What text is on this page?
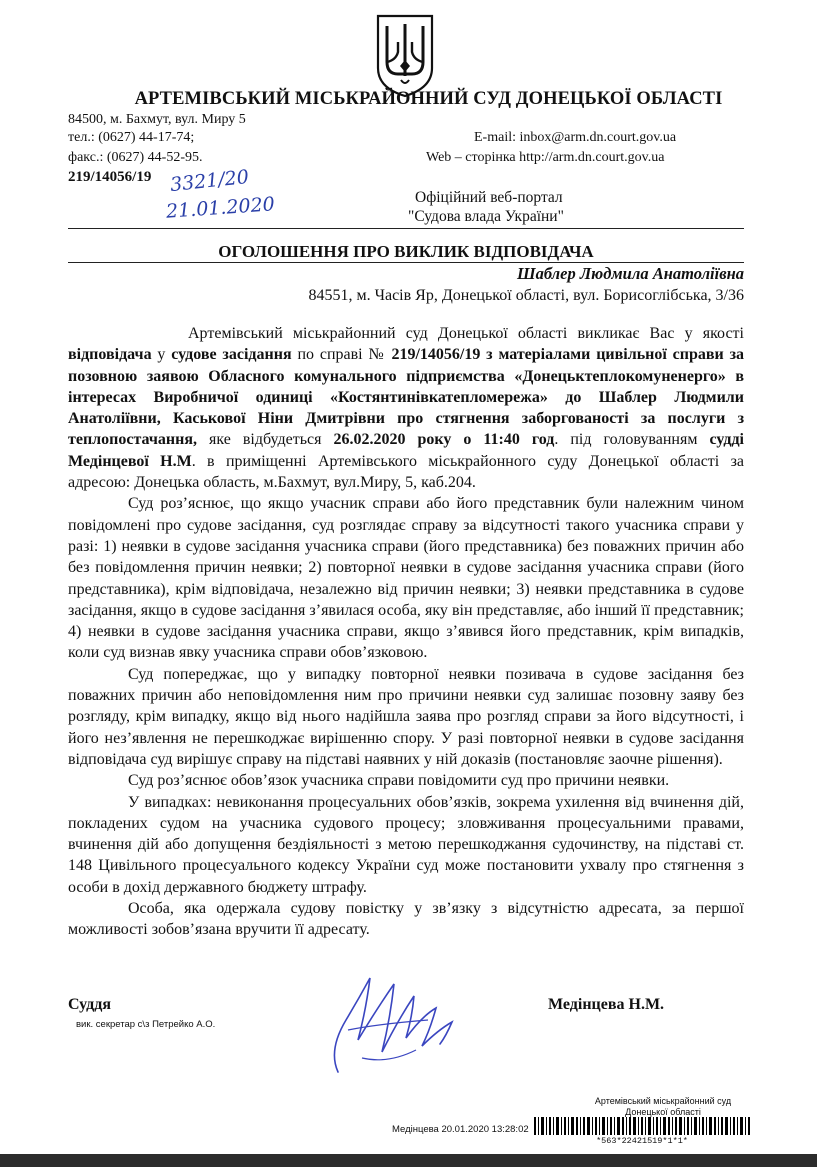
АРТЕМІВСЬКИЙ МІСЬКРАЙОННИЙ СУД ДОНЕЦЬКОЇ ОБЛАСТІ
84500, м. Бахмут, вул. Миру 5
тел.: (0627) 44-17-74;
факс.: (0627) 44-52-95.
E-mail: inbox@arm.dn.court.gov.ua
Web – сторінка http://arm.dn.court.gov.ua
219/14056/19 3321/20
21.01.2020	Офіційний веб-портал
"Судова влада України"
ОГОЛОШЕННЯ ПРО ВИКЛИК ВІДПОВІДАЧА
Шаблер Людмила Анатоліївна
84551, м. Часів Яр, Донецької області, вул. Борисоглібська, 3/36

Артемівський міськрайонний суд Донецької області викликає Вас у якості відповідача у судове засідання по справі № 219/14056/19 з матеріалами цивільної справи за позовною заявою Обласного комунального підприємства «Донецьктеплокомуненерго» в інтересах Виробничої одиниці «Костянтинівкатепломережа» до Шаблер Людмили Анатоліївни, Каськової Ніни Дмитрівни про стягнення заборгованості за послуги з теплопостачання, яке відбудеться 26.02.2020 року о 11:40 год. під головуванням судді Медінцевої Н.М. в приміщенні Артемівського міськрайонного суду Донецької області за адресою: Донецька область, м.Бахмут, вул.Миру, 5, каб.204.

Суд роз’яснює, що якщо учасник справи або його представник були належним чином повідомлені про судове засідання, суд розглядає справу за відсутності такого учасника справи у разі: 1) неявки в судове засідання учасника справи (його представника) без поважних причин або без повідомлення причин неявки; 2) повторної неявки в судове засідання учасника справи (його представника), крім відповідача, незалежно від причин неявки; 3) неявки представника в судове засідання, якщо в судове засідання з’явилася особа, яку він представляє, або інший її представник; 4) неявки в судове засідання учасника справи, якщо з’явився його представник, крім випадків, коли суд визнав явку учасника справи обов’язковою.

Суд попереджає, що у випадку повторної неявки позивача в судове засідання без поважних причин або неповідомлення ним про причини неявки суд залишає позовну заяву без розгляду, крім випадку, якщо від нього надійшла заява про розгляд справи за його відсутності, і його нез’явлення не перешкоджає вирішенню спору. У разі повторної неявки в судове засідання відповідача суд вирішує справу на підставі наявних у ній доказів (постановляє заочне рішення).

Суд роз’яснює обов’язок учасника справи повідомити суд про причини неявки.

У випадках: невиконання процесуальних обов’язків, зокрема ухилення від вчинення дій, покладених судом на учасника судового процесу; зловживання процесуальними правами, вчинення дій або допущення бездіяльності з метою перешкоджання судочинству, на підставі ст. 148 Цивільного процесуального кодексу України суд може постановити ухвалу про стягнення з особи в дохід державного бюджету штрафу.

Особа, яка одержала судову повістку у зв’язку з відсутністю адресата, за першої можливості зобов’язана вручити її адресату.

Суддя
вик. секретар с\з Петрейко А.О.
Медінцева Н.М.
Артемівський міськрайонний суд
Донецької області
Медінцева 20.01.2020 13:28:02
*563*22421519*1*1*
